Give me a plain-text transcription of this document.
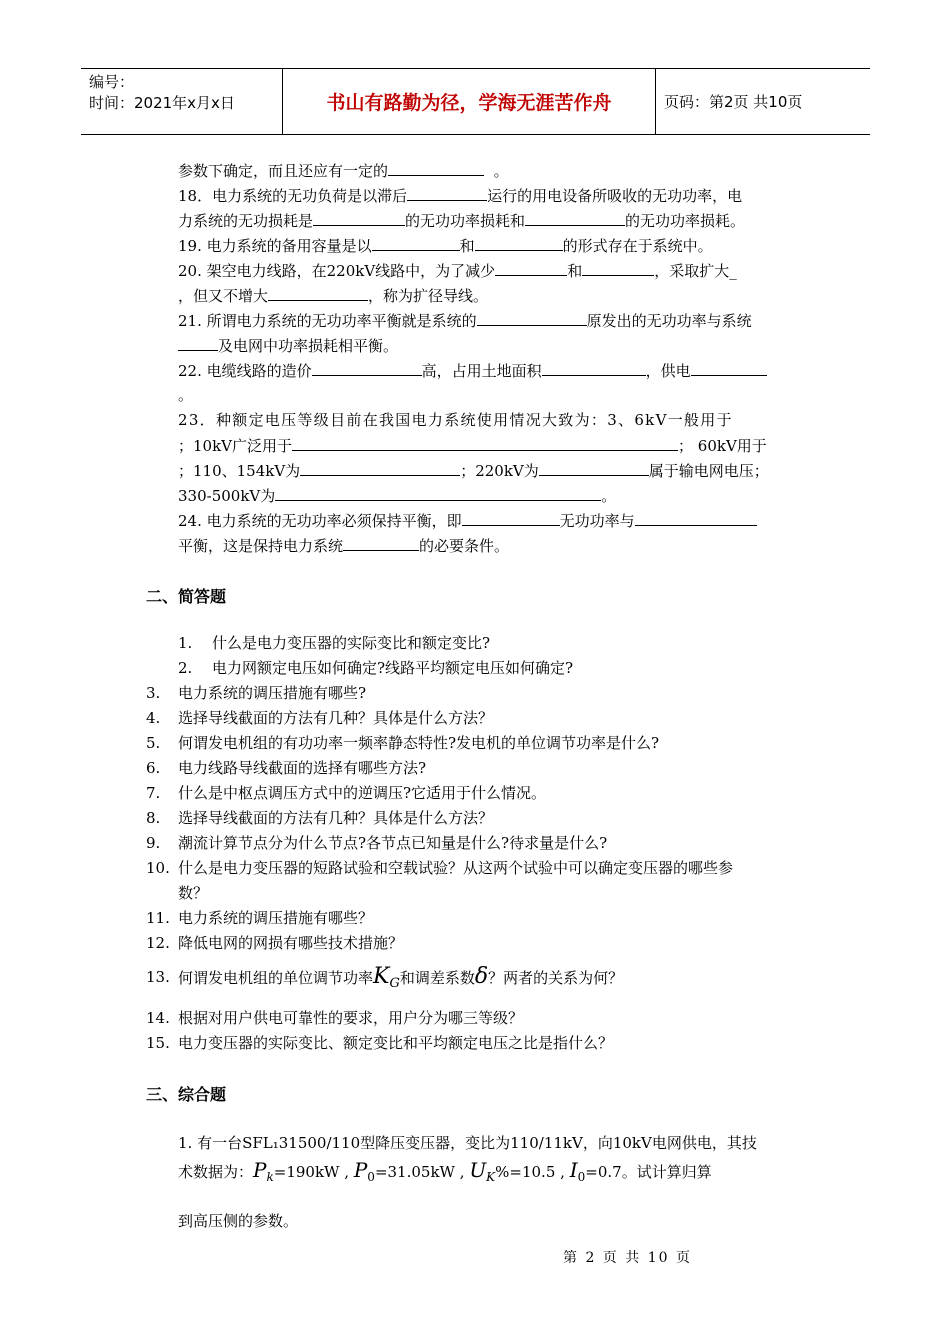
编号：
时间：2021年x月x日	书山有路勤为径，学海无涯苦作舟	页码：第2页 共10页
参数下确定，而且还应有一定的	。
18．电力系统的无功负荷是以滞后	运行的用电设备所吸收的无功功率，电
力系统的无功损耗是	的无功功率损耗和	的无功功率损耗。
19. 电力系统的备用容量是以	和	的形式存在于系统中。
20. 架空电力线路，在220kV线路中，为了减少	和	，采取扩大_
，但又不增大	，称为扩径导线。
21. 所谓电力系统的无功功率平衡就是系统的	原发出的无功功率与系统
及电网中功率损耗相平衡。
22. 电缆线路的造价	高，占用土地面积	，供电
。
23．种额定电压等级目前在我国电力系统使用情况大致为：3、6kV一般用于
；10kV广泛用于	； 60kV用于
；110、154kV为	；220kV为	属于输电网电压；
330-500kV为	。
24. 电力系统的无功功率必须保持平衡，即	无功功率与
平衡，这是保持电力系统	的必要条件。
二、简答题
1. 什么是电力变压器的实际变比和额定变比?
2. 电力网额定电压如何确定?线路平均额定电压如何确定?
3. 电力系统的调压措施有哪些?
4. 选择导线截面的方法有几种？具体是什么方法？
5. 何谓发电机组的有功功率一频率静态特性?发电机的单位调节功率是什么?
6. 电力线路导线截面的选择有哪些方法?
7. 什么是中枢点调压方式中的逆调压?它适用于什么情况。
8. 选择导线截面的方法有几种？具体是什么方法？
9. 潮流计算节点分为什么节点?各节点已知量是什么?待求量是什么?
10. 什么是电力变压器的短路试验和空载试验？从这两个试验中可以确定变压器的哪些参
数？
11. 电力系统的调压措施有哪些？
12. 降低电网的网损有哪些技术措施？
13. 何谓发电机组的单位调节功率$K_G$和调差系数δ？两者的关系为何？
14. 根据对用户供电可靠性的要求，用户分为哪三等级？
15. 电力变压器的实际变比、额定变比和平均额定电压之比是指什么？
三、综合题
1. 有一台SFL₁31500/110型降压变压器，变比为110/11kV，向10kV电网供电，其技
术数据为：$P_k=190kW$ , $P_0=31.05kW$ , $U_K\%=10.5$ , $I_0=0.7$。试计算归算
到高压侧的参数。
第 2 页 共 10 页
